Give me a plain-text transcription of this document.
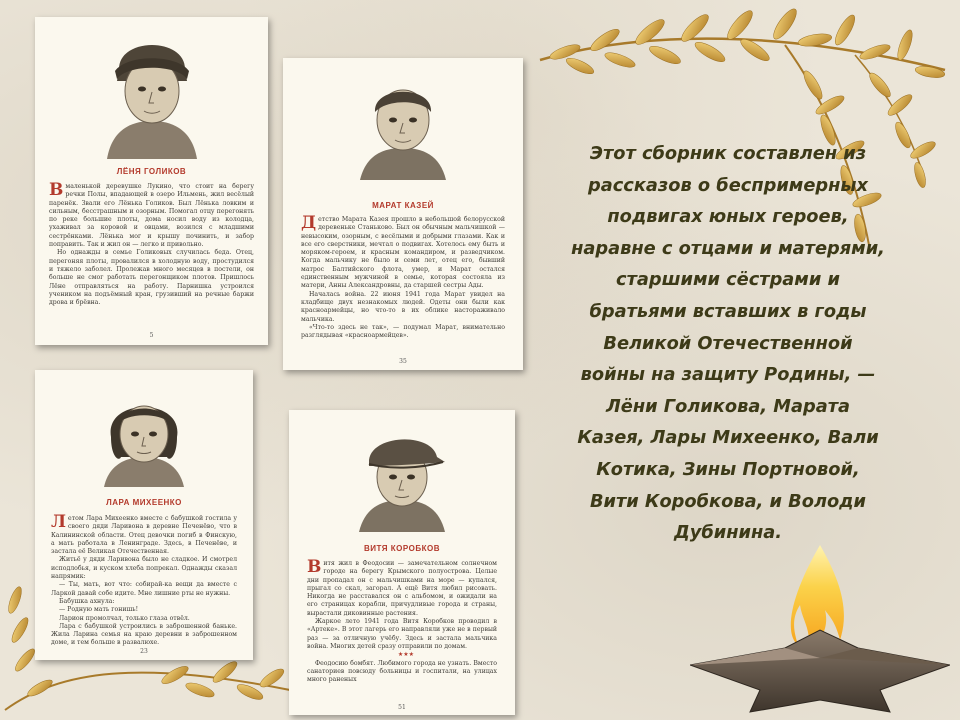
ЛЁНЯ ГОЛИКОВ

Вмаленькой деревушке Лукино, что стоит на берегу речки Полы, впадающей в озеро Ильмень, жил весёлый паренёк. Звали его Лёнька Голиков. Был Лёнька ловким и сильным, бесстрашным и озорным. Помогал отцу перегонять по реке большие плоты, дома носил воду из колодца, ухаживал за коровой и овцами, возился с младшими сестрёнками. Лёнька мог и крышу починить, и забор поправить. Так и жил он — легко и привольно.

Но однажды в семье Голиковых случилась беда. Отец, перегоняя плоты, провалился в холодную воду, простудился и тяжело заболел. Пролежав много месяцев в постели, он больше не смог работать перегонщиком плотов. Пришлось Лёне отправляться на работу. Парнишка устроился учеником на подъёмный кран, грузивший на речные баржи дрова и брёвна.

5
МАРАТ КАЗЕЙ

Детство Марата Казея прошло в небольшой белорусской деревеньке Станьково. Был он обычным мальчишкой — невысоким, озорным, с весёлыми и добрыми глазами. Как и все его сверстники, мечтал о подвигах. Хотелось ему быть и моряком-героем, и красным командиром, и разведчиком. Когда мальчику не было и семи лет, отец его, бывший матрос Балтийского флота, умер, и Марат остался единственным мужчиной в семье, которая состояла из матери, Анны Александровны, да старшей сестры Ады.

Началась война. 22 июня 1941 года Марат увидел на кладбище двух незнакомых людей. Одеты они были как красноармейцы, но что-то в их облике настораживало мальчика.

«Что-то здесь не так», — подумал Марат, внимательно разглядывая «красноармейцев».

35
ЛАРА МИХЕЕНКО

Летом Лара Михеенко вместе с бабушкой гостила у своего дяди Ларивона в деревне Печенёво, что в Калининской области. Отец девочки погиб в Финскую, а мать работала в Ленинграде. Здесь, в Печенёве, и застала её Великая Отечественная.

Житьё у дяди Ларивона было не сладкое. И смотрел исподлобья, и куском хлеба попрекал. Однажды сказал напрямик:

— Ты, мать, вот что: собирай-ка вещи да вместе с Ларкой давай собе идите. Мне лишние рты не нужны.

Бабушка ахнула:

— Родную мать гонишь!

Ларион промолчал, только глаза отвёл.

Лара с бабушкой устроились в заброшенной баньке. Жила Ларина семья на краю деревни в заброшенном доме, и тем больше в развалюхе.

23
ВИТЯ КОРОБКОВ

Витя жил в Феодосии — замечательном солнечном городе на берегу Крымского полуострова. Целые дни пропадал он с мальчишками на море — купался, прыгал со скал, загорал. А ещё Витя любил рисовать. Никогда не расставался он с альбомом, и ожидали на его страницах корабли, причудливые города и страны, вырастали диковинные растения.

Жаркое лето 1941 года Витя Коробков проводил в «Артеке». В этот лагерь его направляли уже не в первый раз — за отличную учёбу. Здесь и застала мальчика война. Многих детей сразу отправили по домам.

★★★

Феодосию бомбят. Любимого города не узнать. Вместо санаториев повсюду больницы и госпитали, на улицах много раненых

51
Этот сборник составлен из
рассказов о беспримерных
подвигах юных героев,
наравне с отцами и матерями,
старшими сёстрами и
братьями вставших в годы
Великой Отечественной
войны на защиту Родины, —
Лёни Голикова, Марата
Казея, Лары Михеенко, Вали
Котика, Зины Портновой,
Вити Коробкова, и Володи
Дубинина.
